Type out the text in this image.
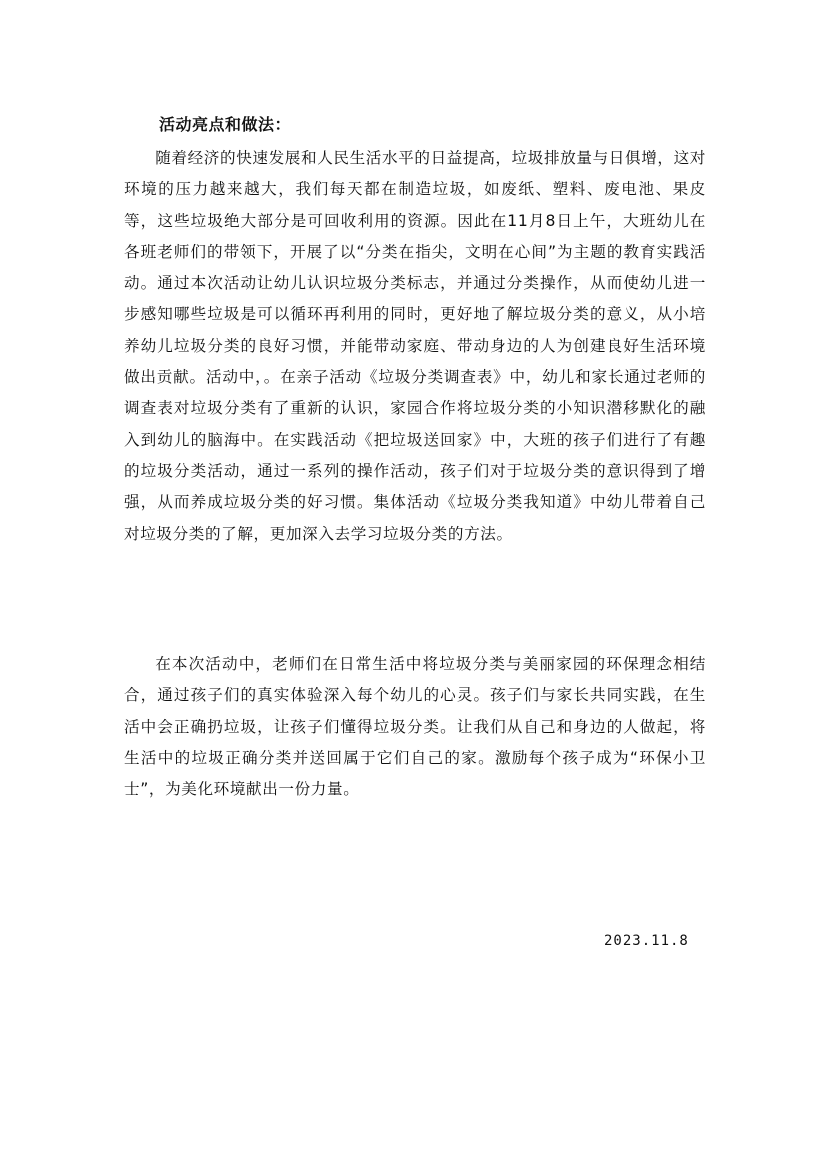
活动亮点和做法：

随着经济的快速发展和人民生活水平的日益提高，垃圾排放量与日俱增，这对环境的压力越来越大，我们每天都在制造垃圾，如废纸、塑料、废电池、果皮等，这些垃圾绝大部分是可回收利用的资源。因此在11月8日上午，大班幼儿在各班老师们的带领下，开展了以“分类在指尖，文明在心间”为主题的教育实践活动。通过本次活动让幼儿认识垃圾分类标志，并通过分类操作，从而使幼儿进一步感知哪些垃圾是可以循环再利用的同时，更好地了解垃圾分类的意义，从小培养幼儿垃圾分类的良好习惯，并能带动家庭、带动身边的人为创建良好生活环境做出贡献。活动中，。在亲子活动《垃圾分类调查表》中，幼儿和家长通过老师的调查表对垃圾分类有了重新的认识，家园合作将垃圾分类的小知识潜移默化的融入到幼儿的脑海中。在实践活动《把垃圾送回家》中，大班的孩子们进行了有趣的垃圾分类活动，通过一系列的操作活动，孩子们对于垃圾分类的意识得到了增强，从而养成垃圾分类的好习惯。集体活动《垃圾分类我知道》中幼儿带着自己对垃圾分类的了解，更加深入去学习垃圾分类的方法。

在本次活动中，老师们在日常生活中将垃圾分类与美丽家园的环保理念相结合，通过孩子们的真实体验深入每个幼儿的心灵。孩子们与家长共同实践，在生活中会正确扔垃圾，让孩子们懂得垃圾分类。让我们从自己和身边的人做起，将生活中的垃圾正确分类并送回属于它们自己的家。激励每个孩子成为“环保小卫士”，为美化环境献出一份力量。

2023.11.8
